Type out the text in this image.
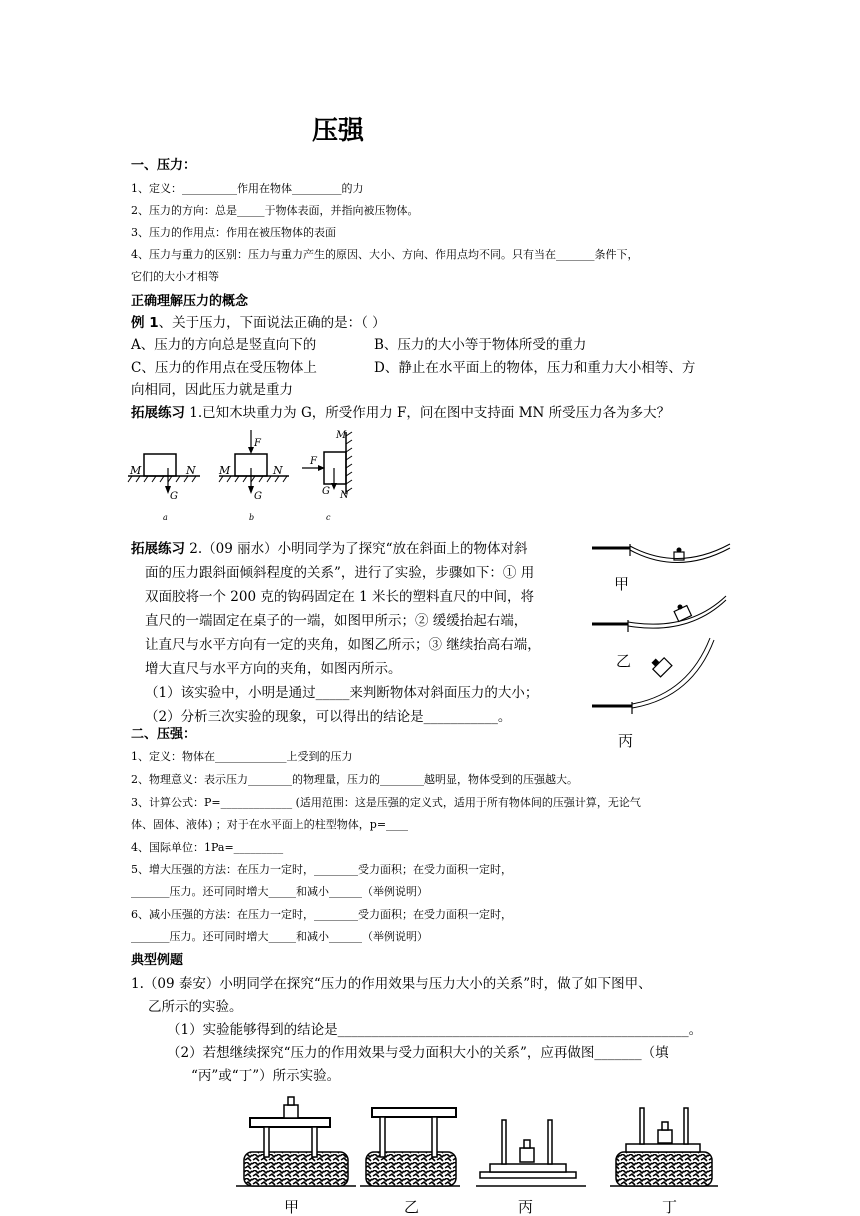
压强
一、压力：
1、定义：__________作用在物体_________的力
2、压力的方向：总是_____于物体表面，并指向被压物体。
3、压力的作用点：作用在被压物体的表面
4、压力与重力的区别：压力与重力产生的原因、大小、方向、作用点均不同。只有当在_______条件下，
它们的大小才相等
正确理解压力的概念
例 1、关于压力，下面说法正确的是：（ ）
A、压力的方向总是竖直向下的	B、压力的大小等于物体所受的重力
C、压力的作用点在受压物体上	D、静止在水平面上的物体，压力和重力大小相等、方
向相同，因此压力就是重力
拓展练习 1.已知木块重力为 G，所受作用力 F，问在图中支持面 MN 所受压力各为多大？
M	N
G
a
F
M	N
G
b
F
M
N
G
c
拓展练习 2.（09 丽水）小明同学为了探究“放在斜面上的物体对斜
面的压力跟斜面倾斜程度的关系”，进行了实验，步骤如下：① 用
双面胶将一个 200 克的钩码固定在 1 米长的塑料直尺的中间，将
直尺的一端固定在桌子的一端，如图甲所示；② 缓缓抬起右端，
让直尺与水平方向有一定的夹角，如图乙所示；③ 继续抬高右端，
增大直尺与水平方向的夹角，如图丙所示。
（1）该实验中，小明是通过_____来判断物体对斜面压力的大小；
（2）分析三次实验的现象，可以得出的结论是___________。
甲
乙
丙
二、压强：
1、定义：物体在_____________上受到的压力
2、物理意义：表示压力________的物理量，压力的________越明显，物体受到的压强越大。
3、计算公式：P=_____________ (适用范围：这是压强的定义式，适用于所有物体间的压强计算，无论气
体、固体、液体) ；对于在水平面上的柱型物体，p=____
4、国际单位：1Pa=_________
5、增大压强的方法：在压力一定时，________受力面积；在受力面积一定时，
_______压力。还可同时增大_____和减小______（举例说明）
6、减小压强的方法：在压力一定时，________受力面积；在受力面积一定时，
_______压力。还可同时增大_____和减小______（举例说明）
典型例题
1.（09 泰安）小明同学在探究“压力的作用效果与压力大小的关系”时，做了如下图甲、
乙所示的实验。
（1）实验能够得到的结论是____________________________________________________。
（2）若想继续探究“压力的作用效果与受力面积大小的关系”，应再做图_______（填
“丙”或“丁”）所示实验。
甲	乙	丙	丁
